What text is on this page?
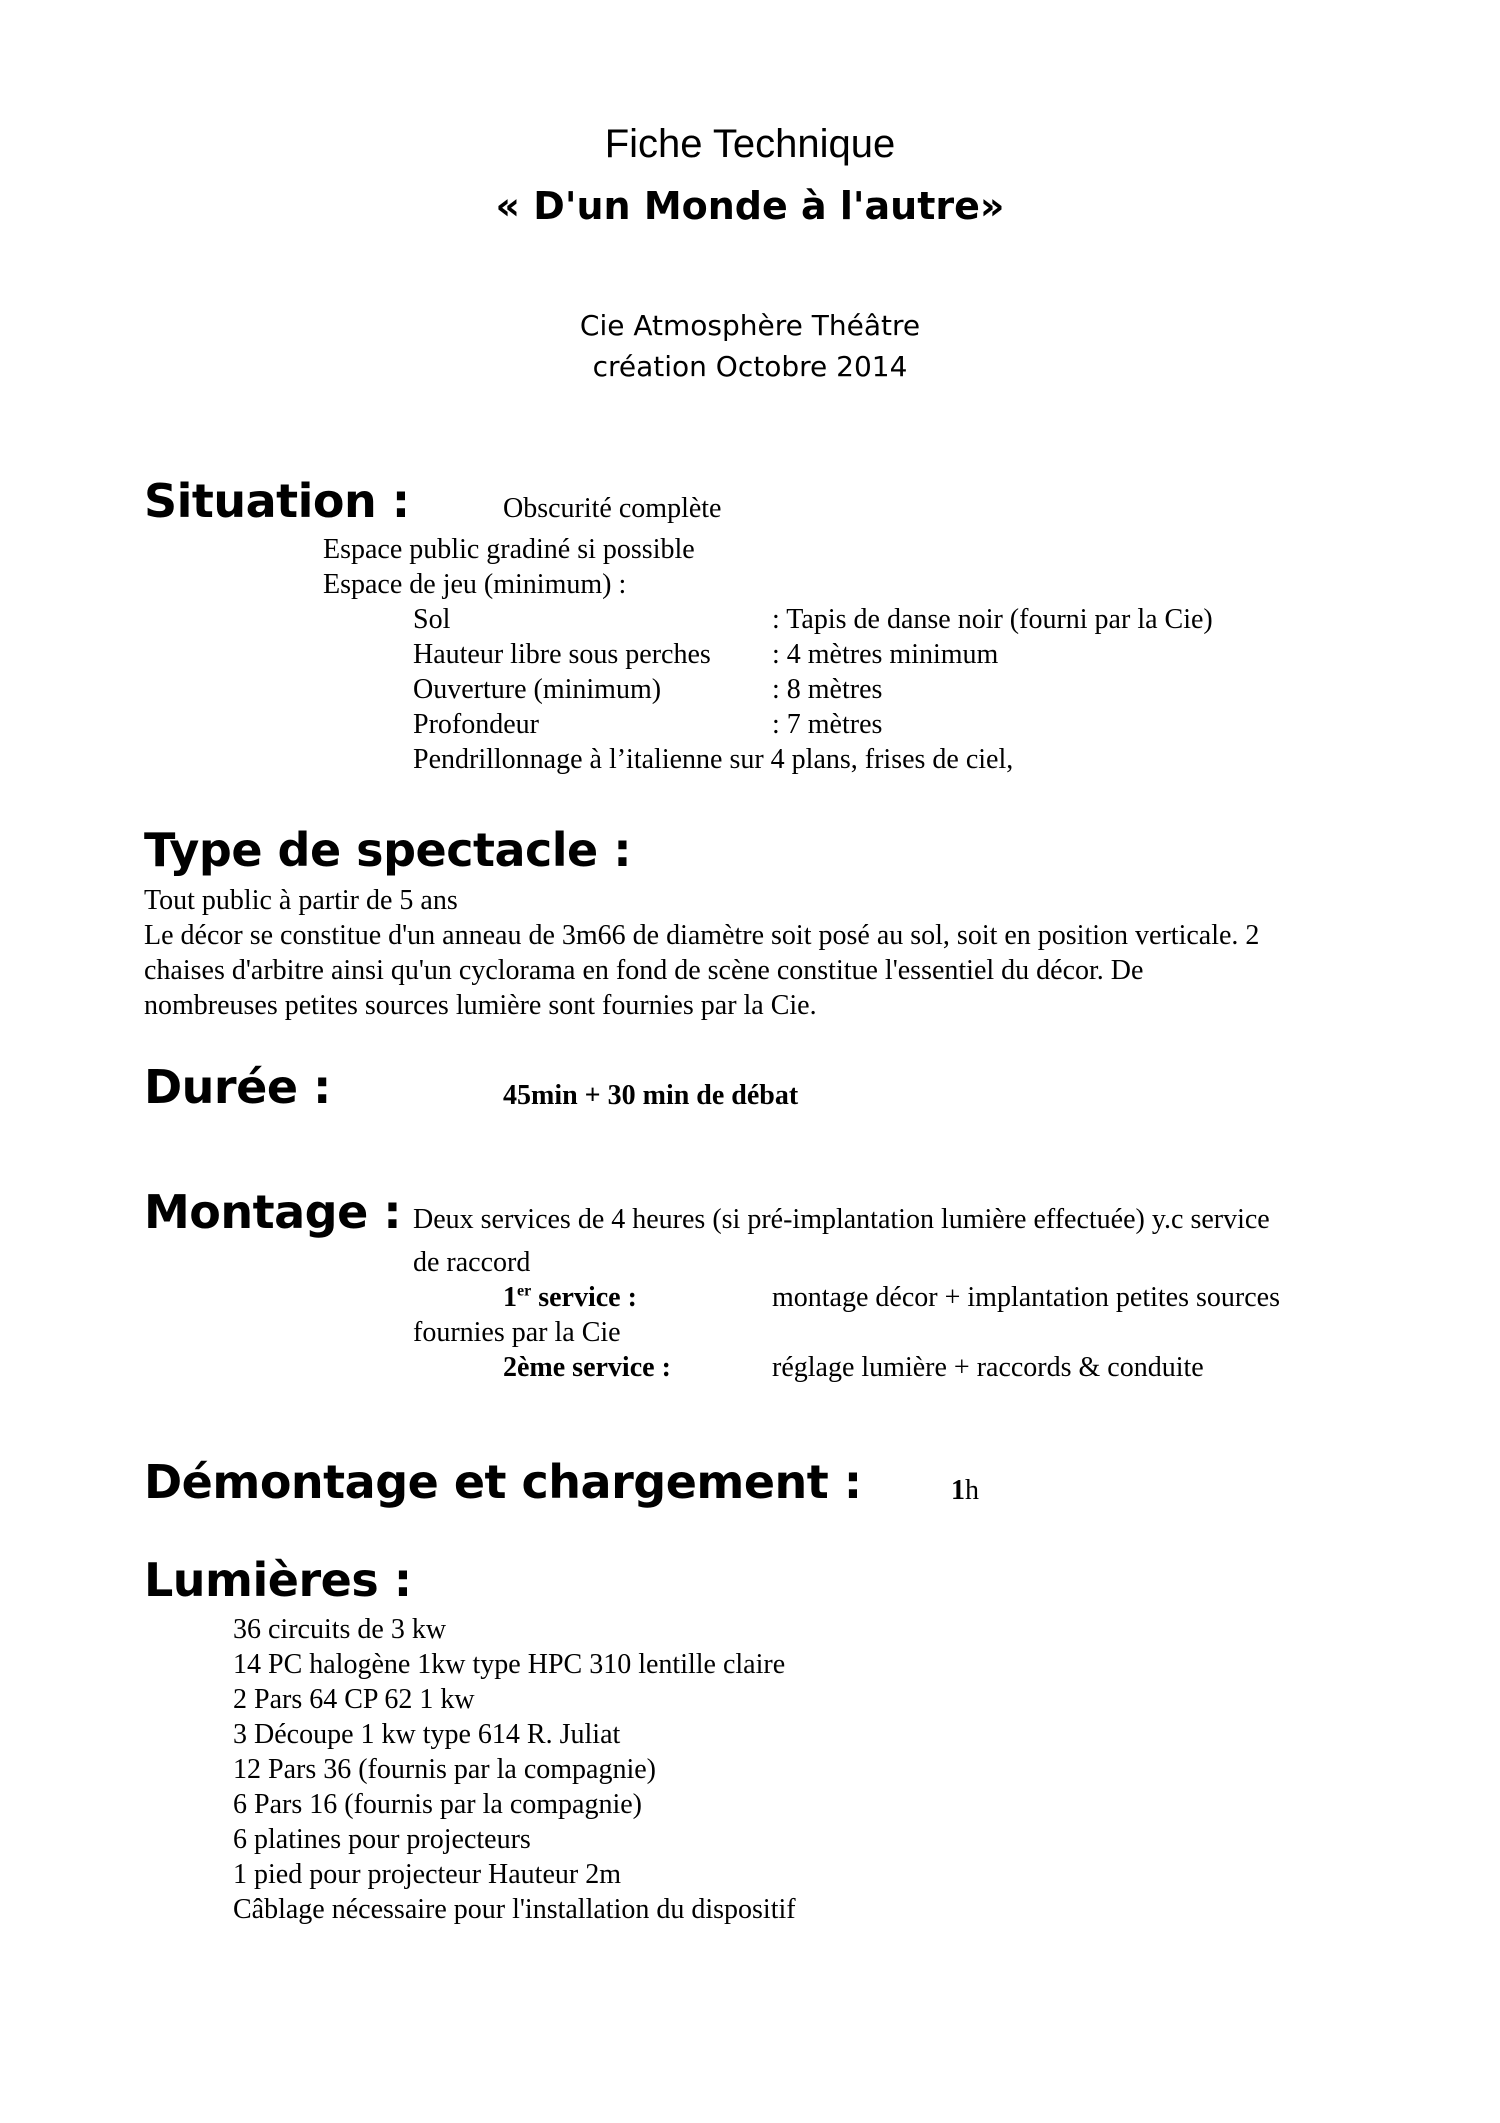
Fiche Technique
« D'un Monde à l'autre»
Cie Atmosphère Théâtre
création Octobre 2014
Situation :	Obscurité complète
Espace public gradiné si possible
Espace de jeu (minimum) :
Sol	: Tapis de danse noir (fourni par la Cie)
Hauteur libre sous perches : 4 mètres minimum
Ouverture (minimum)	: 8 mètres
Profondeur	: 7 mètres
Pendrillonnage à l’italienne sur 4 plans, frises de ciel,
Type de spectacle :
Tout public à partir de 5 ans
Le décor se constitue d'un anneau de 3m66 de diamètre soit posé au sol, soit en position verticale. 2
chaises d'arbitre ainsi qu'un cyclorama en fond de scène constitue l'essentiel du décor. De
nombreuses petites sources lumière sont fournies par la Cie.
Durée :	45min + 30 min de débat
Montage : Deux services de 4 heures (si pré-implantation lumière effectuée) y.c service
de raccord
1er service :	montage décor + implantation petites sources
fournies par la Cie
2ème service :	réglage lumière + raccords & conduite
Démontage et chargement :	1h
Lumières :
36 circuits de 3 kw
14 PC halogène 1kw type HPC 310 lentille claire
2 Pars 64 CP 62 1 kw
3 Découpe 1 kw type 614 R. Juliat
12 Pars 36 (fournis par la compagnie)
6 Pars 16 (fournis par la compagnie)
6 platines pour projecteurs
1 pied pour projecteur Hauteur 2m
Câblage nécessaire pour l'installation du dispositif
